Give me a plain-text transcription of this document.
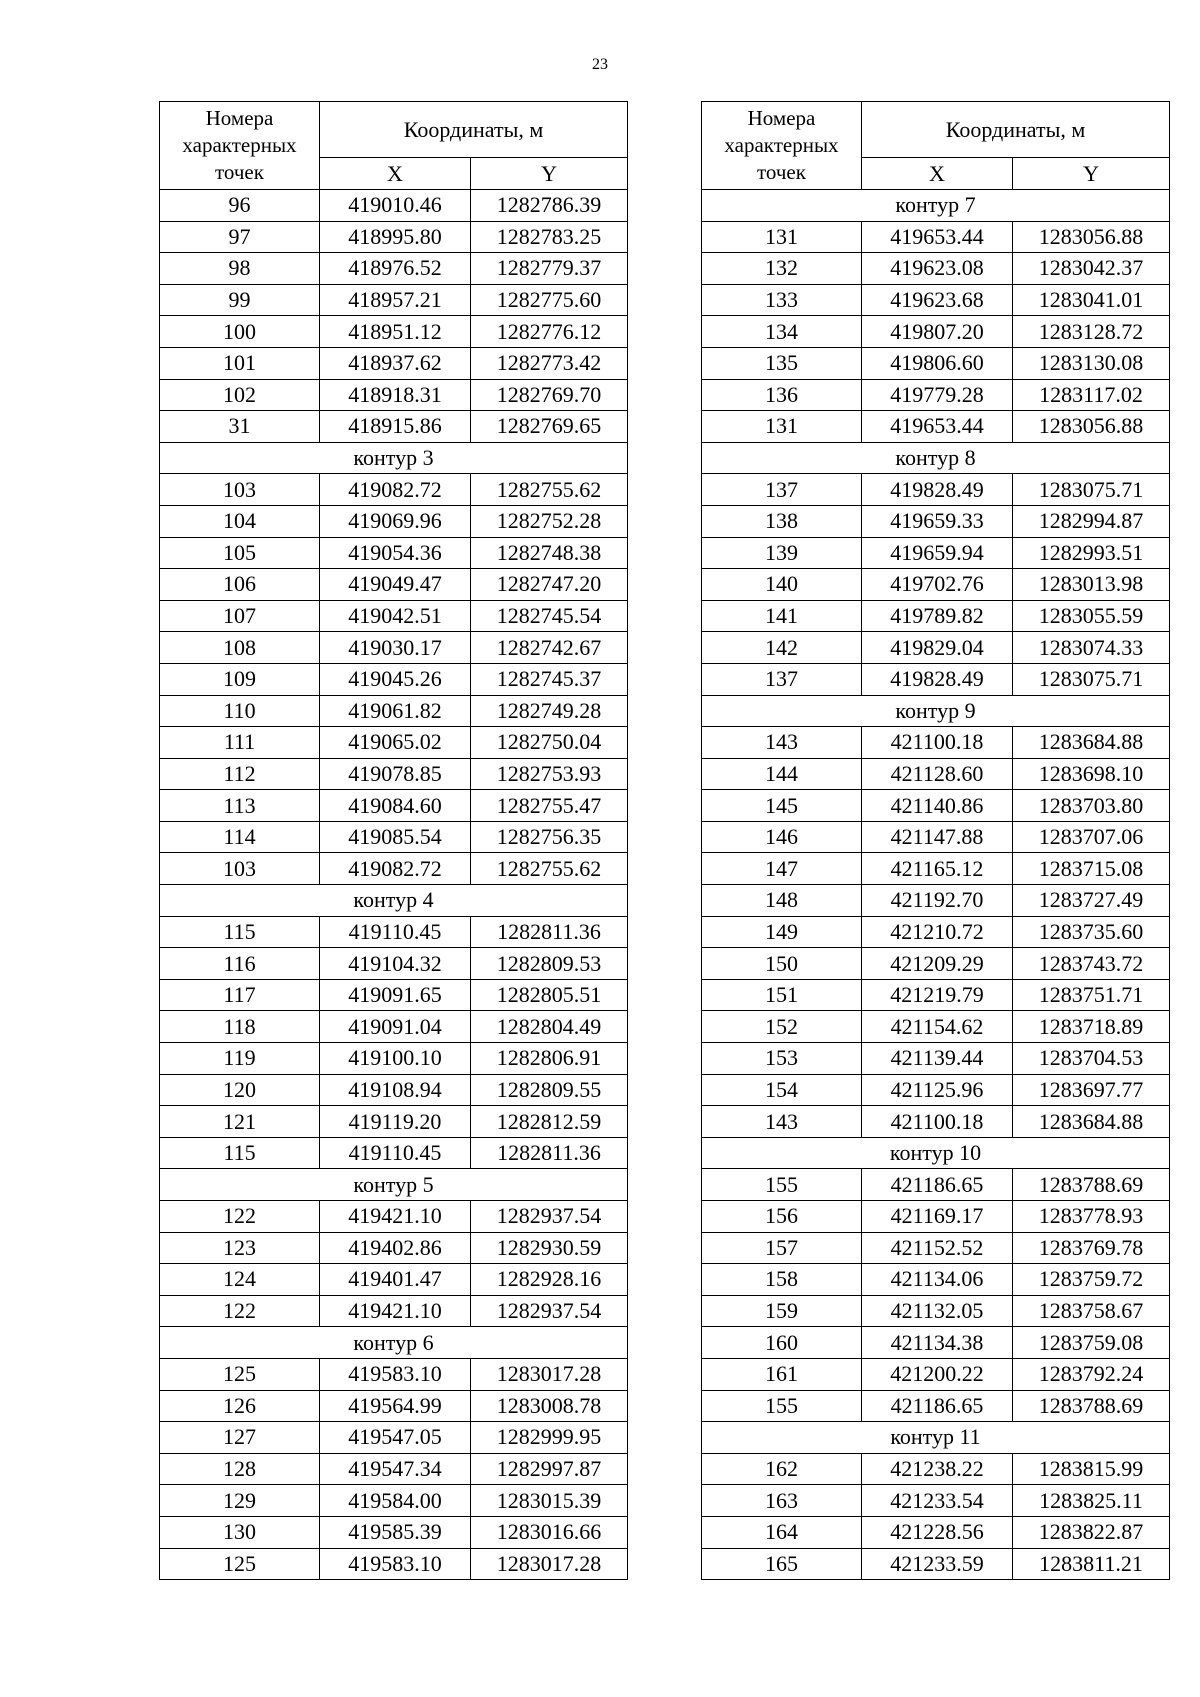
23
Номера характерных точек	Координаты, м	
	X	Y
96	419010.46	1282786.39
97	418995.80	1282783.25
98	418976.52	1282779.37
99	418957.21	1282775.60
100	418951.12	1282776.12
101	418937.62	1282773.42
102	418918.31	1282769.70
31	418915.86	1282769.65
контур 3		
103	419082.72	1282755.62
104	419069.96	1282752.28
105	419054.36	1282748.38
106	419049.47	1282747.20
107	419042.51	1282745.54
108	419030.17	1282742.67
109	419045.26	1282745.37
110	419061.82	1282749.28
111	419065.02	1282750.04
112	419078.85	1282753.93
113	419084.60	1282755.47
114	419085.54	1282756.35
103	419082.72	1282755.62
контур 4		
115	419110.45	1282811.36
116	419104.32	1282809.53
117	419091.65	1282805.51
118	419091.04	1282804.49
119	419100.10	1282806.91
120	419108.94	1282809.55
121	419119.20	1282812.59
115	419110.45	1282811.36
контур 5		
122	419421.10	1282937.54
123	419402.86	1282930.59
124	419401.47	1282928.16
122	419421.10	1282937.54
контур 6		
125	419583.10	1283017.28
126	419564.99	1283008.78
127	419547.05	1282999.95
128	419547.34	1282997.87
129	419584.00	1283015.39
130	419585.39	1283016.66
125	419583.10	1283017.28
Номера характерных точек	Координаты, м	
	X	Y
контур 7		
131	419653.44	1283056.88
132	419623.08	1283042.37
133	419623.68	1283041.01
134	419807.20	1283128.72
135	419806.60	1283130.08
136	419779.28	1283117.02
131	419653.44	1283056.88
контур 8		
137	419828.49	1283075.71
138	419659.33	1282994.87
139	419659.94	1282993.51
140	419702.76	1283013.98
141	419789.82	1283055.59
142	419829.04	1283074.33
137	419828.49	1283075.71
контур 9		
143	421100.18	1283684.88
144	421128.60	1283698.10
145	421140.86	1283703.80
146	421147.88	1283707.06
147	421165.12	1283715.08
148	421192.70	1283727.49
149	421210.72	1283735.60
150	421209.29	1283743.72
151	421219.79	1283751.71
152	421154.62	1283718.89
153	421139.44	1283704.53
154	421125.96	1283697.77
143	421100.18	1283684.88
контур 10		
155	421186.65	1283788.69
156	421169.17	1283778.93
157	421152.52	1283769.78
158	421134.06	1283759.72
159	421132.05	1283758.67
160	421134.38	1283759.08
161	421200.22	1283792.24
155	421186.65	1283788.69
контур 11		
162	421238.22	1283815.99
163	421233.54	1283825.11
164	421228.56	1283822.87
165	421233.59	1283811.21
